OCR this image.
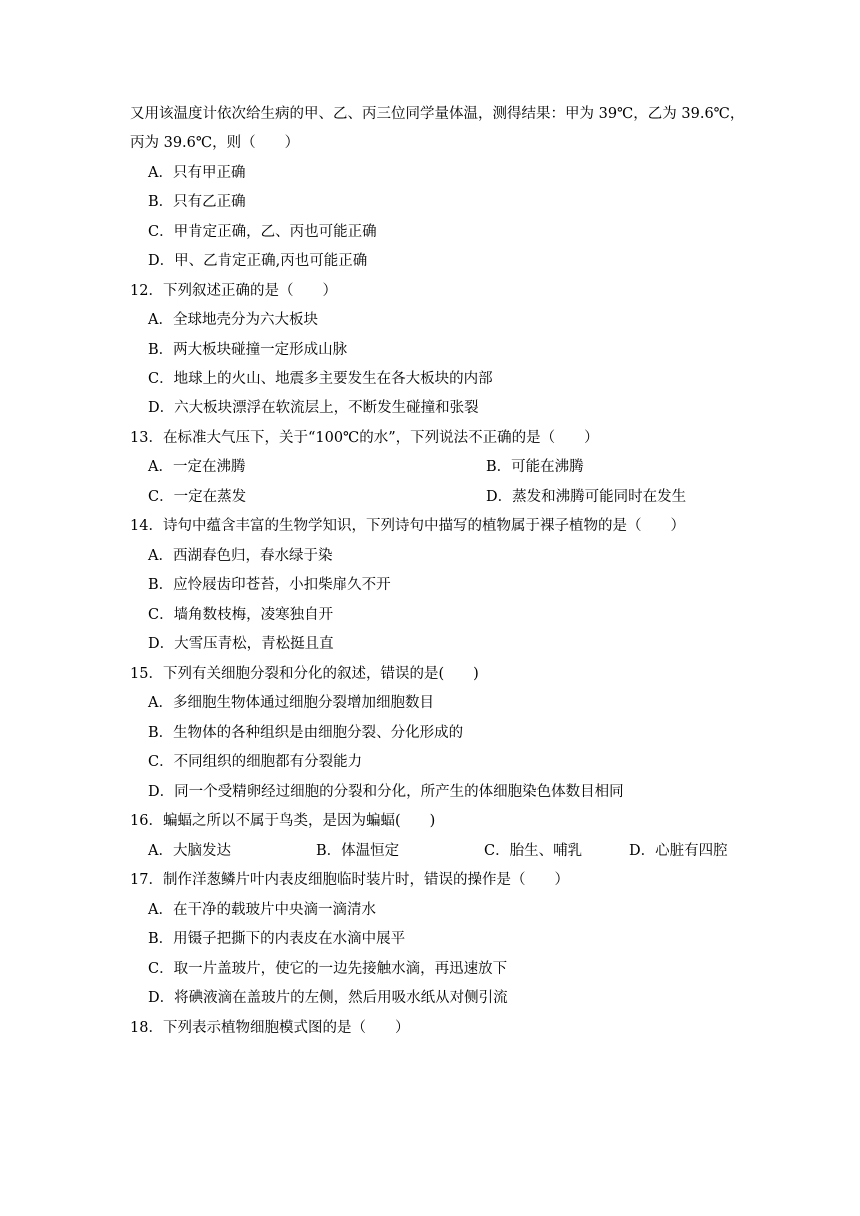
又用该温度计依次给生病的甲、乙、丙三位同学量体温，测得结果：甲为 39℃，乙为 39.6℃，
丙为 39.6℃，则（　　）
A．只有甲正确
B．只有乙正确
C．甲肯定正确，乙、丙也可能正确
D．甲、乙肯定正确,丙也可能正确
12．下列叙述正确的是（　　）
A．全球地壳分为六大板块
B．两大板块碰撞一定形成山脉
C．地球上的火山、地震多主要发生在各大板块的内部
D．六大板块漂浮在软流层上，不断发生碰撞和张裂
13．在标准大气压下，关于“100℃的水”，下列说法不正确的是（　　）
A．一定在沸腾	B．可能在沸腾
C．一定在蒸发	D．蒸发和沸腾可能同时在发生
14．诗句中蕴含丰富的生物学知识，下列诗句中描写的植物属于裸子植物的是（　　）
A．西湖春色归，春水绿于染
B．应怜屐齿印苍苔，小扣柴扉久不开
C．墙角数枝梅，凌寒独自开
D．大雪压青松，青松挺且直
15．下列有关细胞分裂和分化的叙述，错误的是(　　)
A．多细胞生物体通过细胞分裂增加细胞数目
B．生物体的各种组织是由细胞分裂、分化形成的
C．不同组织的细胞都有分裂能力
D．同一个受精卵经过细胞的分裂和分化，所产生的体细胞染色体数目相同
16．蝙蝠之所以不属于鸟类，是因为蝙蝠(　　)
A．大脑发达	B．体温恒定	C．胎生、哺乳	D．心脏有四腔
17．制作洋葱鳞片叶内表皮细胞临时装片时，错误的操作是（　　）
A．在干净的载玻片中央滴一滴清水
B．用镊子把撕下的内表皮在水滴中展平
C．取一片盖玻片，使它的一边先接触水滴，再迅速放下
D．将碘液滴在盖玻片的左侧，然后用吸水纸从对侧引流
18．下列表示植物细胞模式图的是（　　）
